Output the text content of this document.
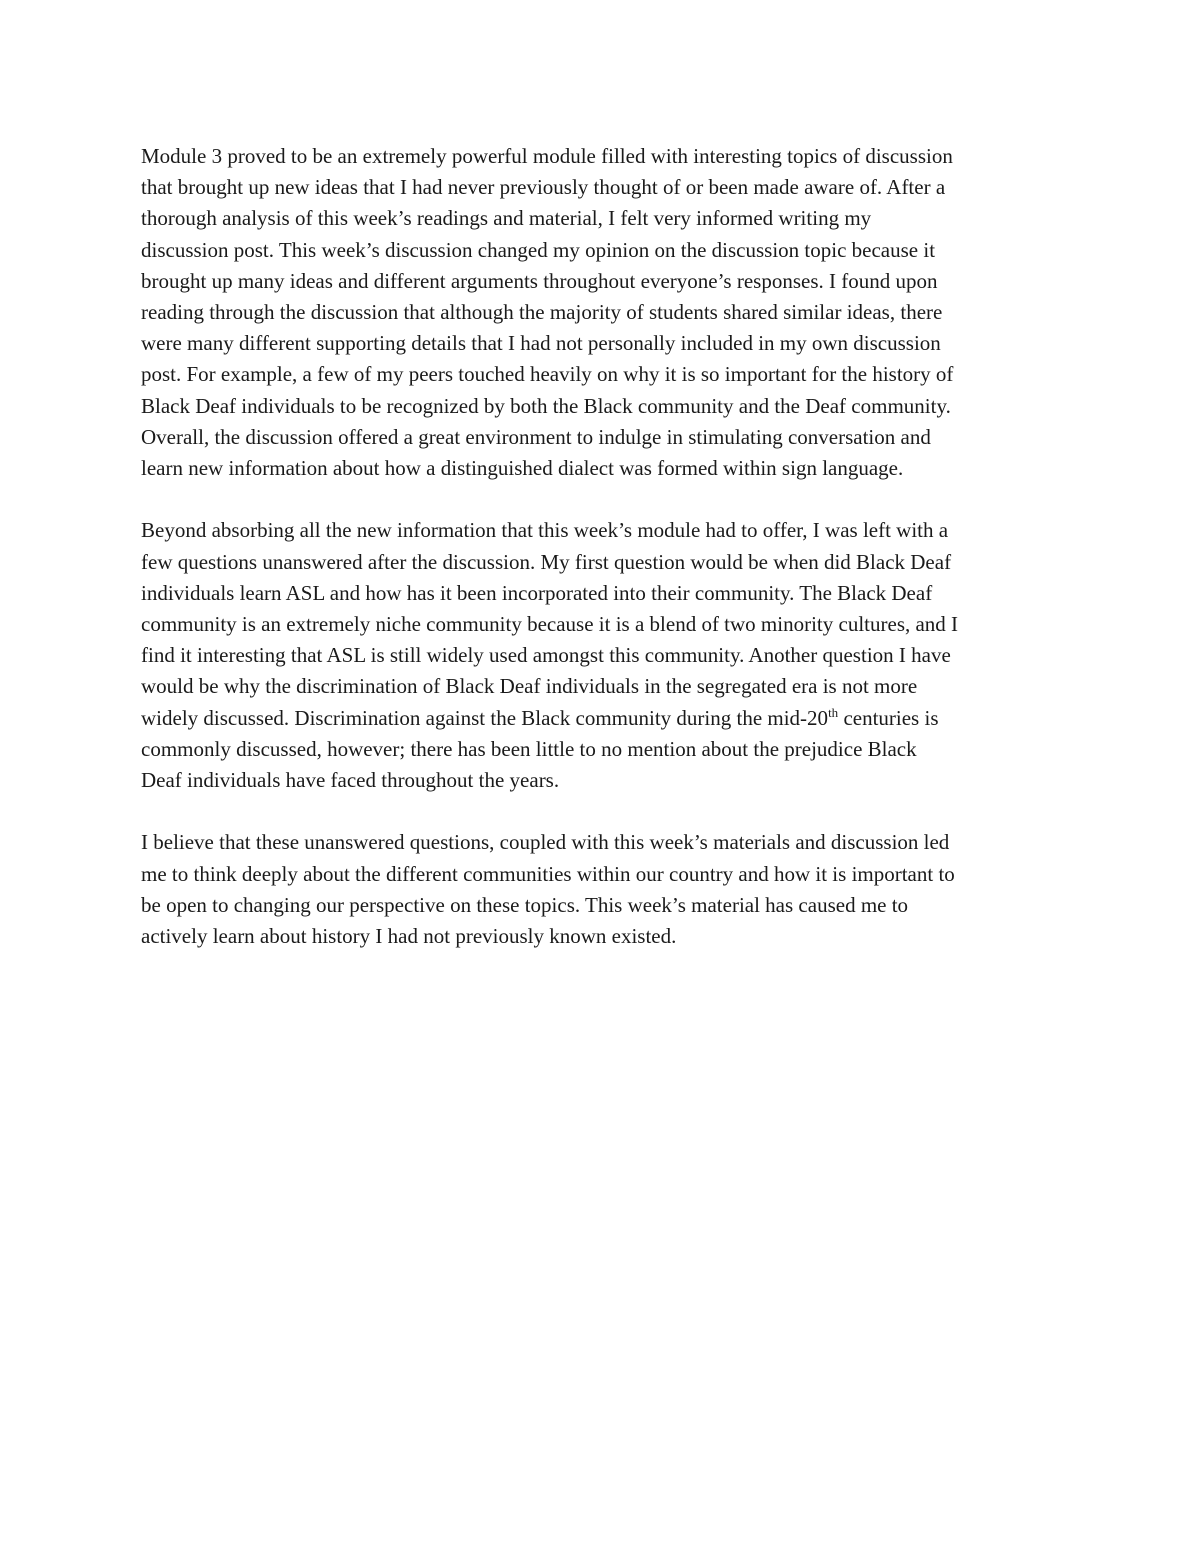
Module 3 proved to be an extremely powerful module filled with interesting topics of discussion
that brought up new ideas that I had never previously thought of or been made aware of. After a
thorough analysis of this week’s readings and material, I felt very informed writing my
discussion post. This week’s discussion changed my opinion on the discussion topic because it
brought up many ideas and different arguments throughout everyone’s responses. I found upon
reading through the discussion that although the majority of students shared similar ideas, there
were many different supporting details that I had not personally included in my own discussion
post. For example, a few of my peers touched heavily on why it is so important for the history of
Black Deaf individuals to be recognized by both the Black community and the Deaf community.
Overall, the discussion offered a great environment to indulge in stimulating conversation and
learn new information about how a distinguished dialect was formed within sign language.

Beyond absorbing all the new information that this week’s module had to offer, I was left with a
few questions unanswered after the discussion. My first question would be when did Black Deaf
individuals learn ASL and how has it been incorporated into their community. The Black Deaf
community is an extremely niche community because it is a blend of two minority cultures, and I
find it interesting that ASL is still widely used amongst this community. Another question I have
would be why the discrimination of Black Deaf individuals in the segregated era is not more
widely discussed. Discrimination against the Black community during the mid-20th centuries is
commonly discussed, however; there has been little to no mention about the prejudice Black
Deaf individuals have faced throughout the years.

I believe that these unanswered questions, coupled with this week’s materials and discussion led
me to think deeply about the different communities within our country and how it is important to
be open to changing our perspective on these topics. This week’s material has caused me to
actively learn about history I had not previously known existed.
